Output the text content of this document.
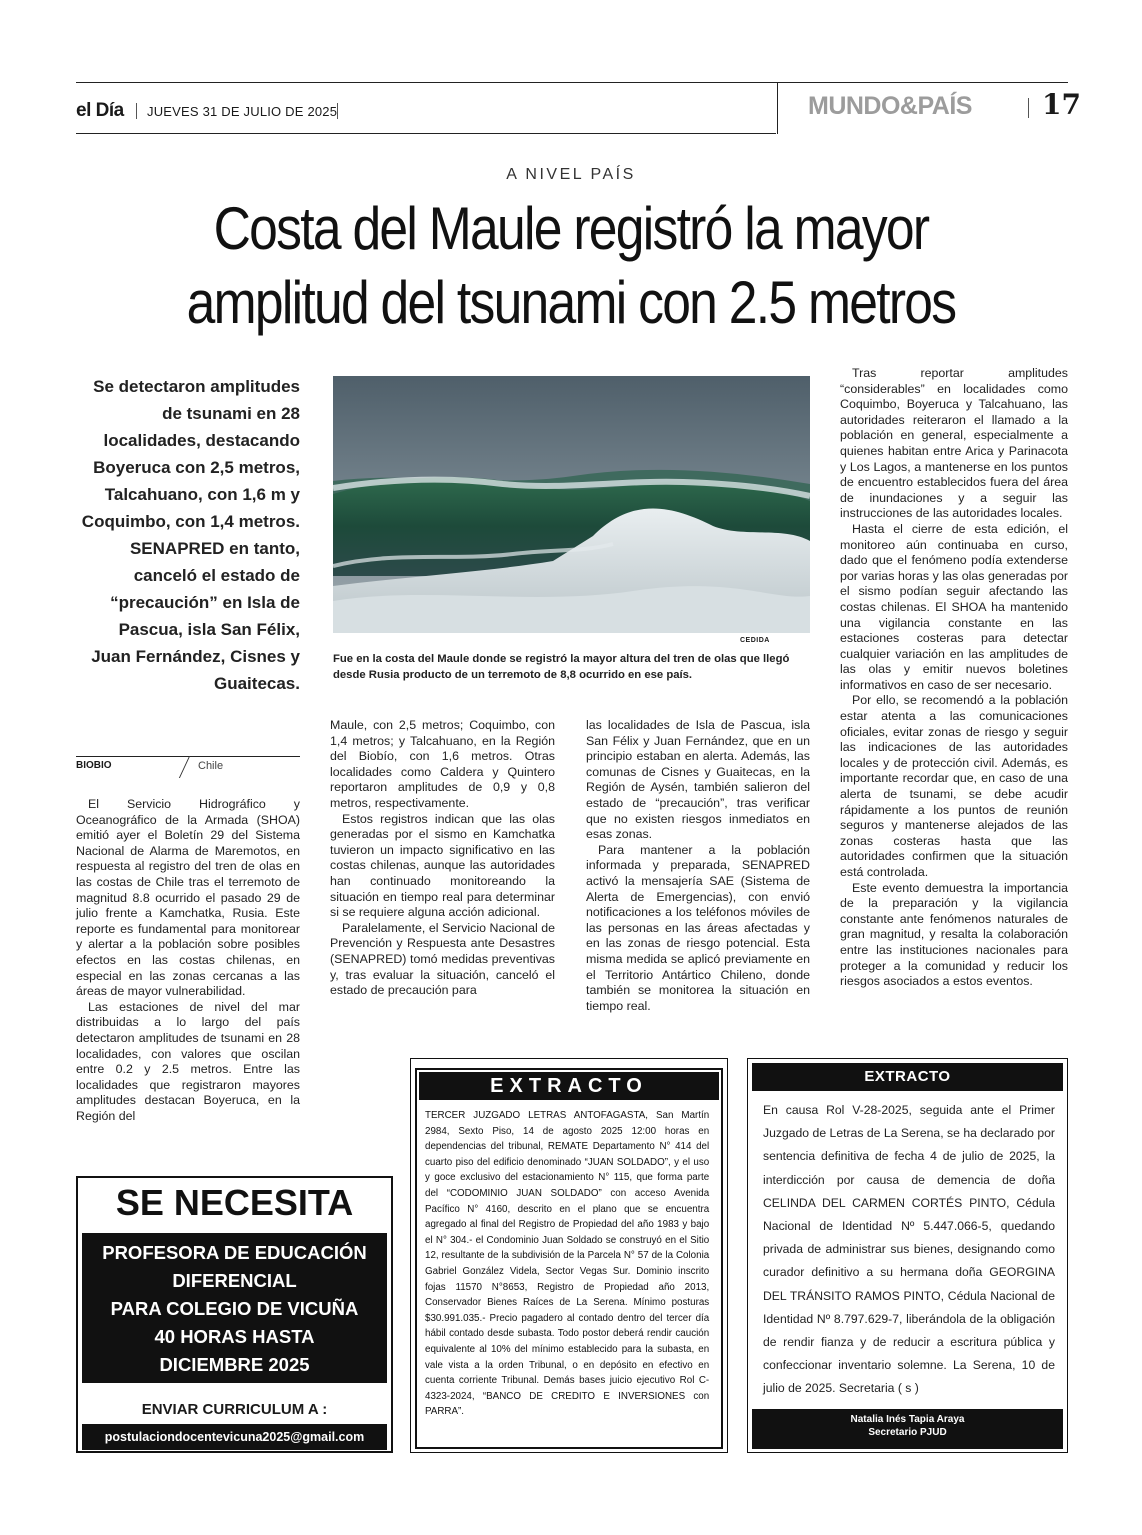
el Día JUEVES 31 DE JULIO DE 2025	MUNDO&PAÍS	17
A NIVEL PAÍS
Costa del Maule registró la mayor
amplitud del tsunami con 2.5 metros
Se detectaron amplitudes de tsunami en 28 localidades, destacando Boyeruca con 2,5 metros, Talcahuano, con 1,6 m y Coquimbo, con 1,4 metros. SENAPRED en tanto, canceló el estado de “precaución” en Isla de Pascua, isla San Félix, Juan Fernández, Cisnes y Guaitecas.
CEDIDA
Fue en la costa del Maule donde se registró la mayor altura del tren de olas que llegó desde Rusia producto de un terremoto de 8,8 ocurrido en ese país.
BIOBIO	Chile

El Servicio Hidrográfico y Oceanográfico de la Armada (SHOA) emitió ayer el Boletín 29 del Sistema Nacional de Alarma de Maremotos, en respuesta al registro del tren de olas en las costas de Chile tras el terremoto de magnitud 8.8 ocurrido el pasado 29 de julio frente a Kamchatka, Rusia. Este reporte es fundamental para monitorear y alertar a la población sobre posibles efectos en las costas chilenas, en especial en las zonas cercanas a las áreas de mayor vulnerabilidad.

Las estaciones de nivel del mar distribuidas a lo largo del país detectaron amplitudes de tsunami en 28 localidades, con valores que oscilan entre 0.2 y 2.5 metros. Entre las localidades que registraron mayores amplitudes destacan Boyeruca, en la Región del

Maule, con 2,5 metros; Coquimbo, con 1,4 metros; y Talcahuano, en la Región del Biobío, con 1,6 metros. Otras localidades como Caldera y Quintero reportaron amplitudes de 0,9 y 0,8 metros, respectivamente.

Estos registros indican que las olas generadas por el sismo en Kamchatka tuvieron un impacto significativo en las costas chilenas, aunque las autoridades han continuado monitoreando la situación en tiempo real para determinar si se requiere alguna acción adicional.

Paralelamente, el Servicio Nacional de Prevención y Respuesta ante Desastres (SENAPRED) tomó medidas preventivas y, tras evaluar la situación, canceló el estado de precaución para

las localidades de Isla de Pascua, isla San Félix y Juan Fernández, que en un principio estaban en alerta. Además, las comunas de Cisnes y Guaitecas, en la Región de Aysén, también salieron del estado de “precaución”, tras verificar que no existen riesgos inmediatos en esas zonas.

Para mantener a la población informada y preparada, SENAPRED activó la mensajería SAE (Sistema de Alerta de Emergencias), con envió notificaciones a los teléfonos móviles de las personas en las áreas afectadas y en las zonas de riesgo potencial. Esta misma medida se aplicó previamente en el Territorio Antártico Chileno, donde también se monitorea la situación en tiempo real.

Tras reportar amplitudes “considerables” en localidades como Coquimbo, Boyeruca y Talcahuano, las autoridades reiteraron el llamado a la población en general, especialmente a quienes habitan entre Arica y Parinacota y Los Lagos, a mantenerse en los puntos de encuentro establecidos fuera del área de inundaciones y a seguir las instrucciones de las autoridades locales.

Hasta el cierre de esta edición, el monitoreo aún continuaba en curso, dado que el fenómeno podía extenderse por varias horas y las olas generadas por el sismo podían seguir afectando las costas chilenas. El SHOA ha mantenido una vigilancia constante en las estaciones costeras para detectar cualquier variación en las amplitudes de las olas y emitir nuevos boletines informativos en caso de ser necesario.

Por ello, se recomendó a la población estar atenta a las comunicaciones oficiales, evitar zonas de riesgo y seguir las indicaciones de las autoridades locales y de protección civil. Además, es importante recordar que, en caso de una alerta de tsunami, se debe acudir rápidamente a los puntos de reunión seguros y mantenerse alejados de las zonas costeras hasta que las autoridades confirmen que la situación está controlada.

Este evento demuestra la importancia de la preparación y la vigilancia constante ante fenómenos naturales de gran magnitud, y resalta la colaboración entre las instituciones nacionales para proteger a la comunidad y reducir los riesgos asociados a estos eventos.

SE NECESITA
PROFESORA DE EDUCACIÓN
DIFERENCIAL
PARA COLEGIO DE VICUÑA
40 HORAS HASTA
DICIEMBRE 2025
ENVIAR CURRICULUM A :
postulaciondocentevicuna2025@gmail.com
EXTRACTO
TERCER JUZGADO LETRAS ANTOFAGASTA, San Martín 2984, Sexto Piso, 14 de agosto 2025 12:00 horas en dependencias del tribunal, REMATE Departamento N° 414 del cuarto piso del edificio denominado “JUAN SOLDADO”, y el uso y goce exclusivo del estacionamiento N° 115, que forma parte del “CODOMINIO JUAN SOLDADO” con acceso Avenida Pacífico N° 4160, descrito en el plano que se encuentra agregado al final del Registro de Propiedad del año 1983 y bajo el N° 304.- el Condominio Juan Soldado se construyó en el Sitio 12, resultante de la subdivisión de la Parcela N° 57 de la Colonia Gabriel González Videla, Sector Vegas Sur. Dominio inscrito fojas 11570 N°8653, Registro de Propiedad año 2013, Conservador Bienes Raíces de La Serena. Mínimo posturas $30.991.035.- Precio pagadero al contado dentro del tercer día hábil contado desde subasta. Todo postor deberá rendir caución equivalente al 10% del mínimo establecido para la subasta, en vale vista a la orden Tribunal, o en depósito en efectivo en cuenta corriente Tribunal. Demás bases juicio ejecutivo Rol C-4323-2024, “BANCO DE CREDITO E INVERSIONES con PARRA”.
EXTRACTO
En causa Rol V-28-2025, seguida ante el Primer Juzgado de Letras de La Serena, se ha declarado por sentencia definitiva de fecha 4 de julio de 2025, la interdicción por causa de demencia de doña CELINDA DEL CARMEN CORTÉS PINTO, Cédula Nacional de Identidad Nº 5.447.066-5, quedando privada de administrar sus bienes, designando como curador definitivo a su hermana doña GEORGINA DEL TRÁNSITO RAMOS PINTO, Cédula Nacional de Identidad Nº 8.797.629-7, liberándola de la obligación de rendir fianza y de reducir a escritura pública y confeccionar inventario solemne. La Serena, 10 de julio de 2025. Secretaria ( s )
Natalia Inés Tapia Araya
Secretario PJUD
